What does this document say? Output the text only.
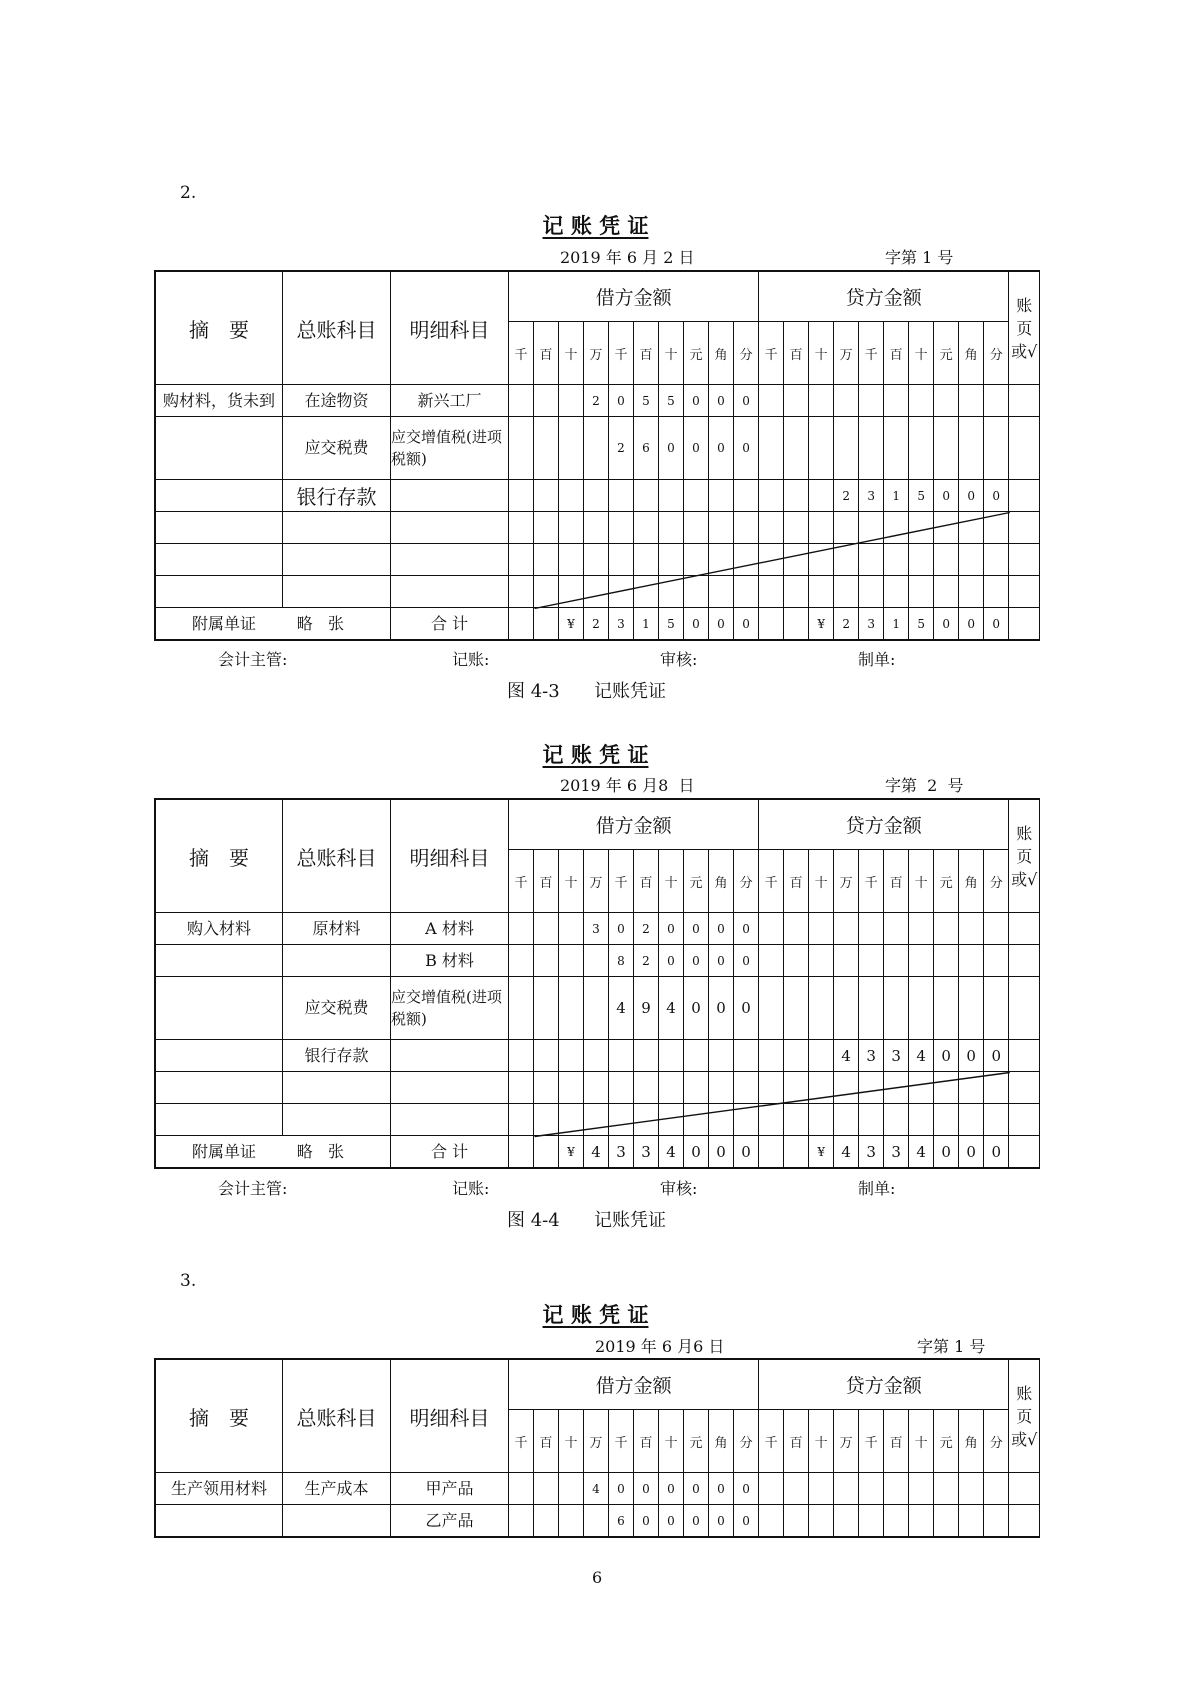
2.
记 账 凭 证
2019 年 6 月 2 日	字第 1 号
摘　要	总账科目	明细科目	借方金额										贷方金额										账页或√
			千	百	十	万	千	百	十	元	角	分	千	百	十	万	千	百	十	元	角	分	
购材料，货未到	在途物资	新兴工厂				2	0	5	5	0	0	0											
	应交税费	应交增值税(进项税额)					2	6	0	0	0	0											
	银行存款															2	3	1	5	0	0	0	

附属单证 略 张		合 计			¥	2	3	1	5	0	0	0			¥	2	3	1	5	0	0	0	
会计主管:	记账:	审核:	制单:
图 4-3      记账凭证
记 账 凭 证
2019 年 6 月8  日	字第  2  号
摘　要	总账科目	明细科目	借方金额										贷方金额										账页或√
			千	百	十	万	千	百	十	元	角	分	千	百	十	万	千	百	十	元	角	分	
购入材料	原材料	A 材料				3	0	2	0	0	0	0											
		B 材料					8	2	0	0	0	0											
	应交税费	应交增值税(进项税额)					4	9	4	0	0	0											
	银行存款															4	3	3	4	0	0	0	

附属单证 略 张		合 计			¥	4	3	3	4	0	0	0			¥	4	3	3	4	0	0	0	
会计主管:	记账:	审核:	制单:
图 4-4      记账凭证
3.
记 账 凭 证
2019 年 6 月6 日	字第 1 号
摘　要	总账科目	明细科目	借方金额										贷方金额										账页或√
			千	百	十	万	千	百	十	元	角	分	千	百	十	万	千	百	十	元	角	分	
生产领用材料	生产成本	甲产品				4	0	0	0	0	0	0											
		乙产品					6	0	0	0	0	0											
6
